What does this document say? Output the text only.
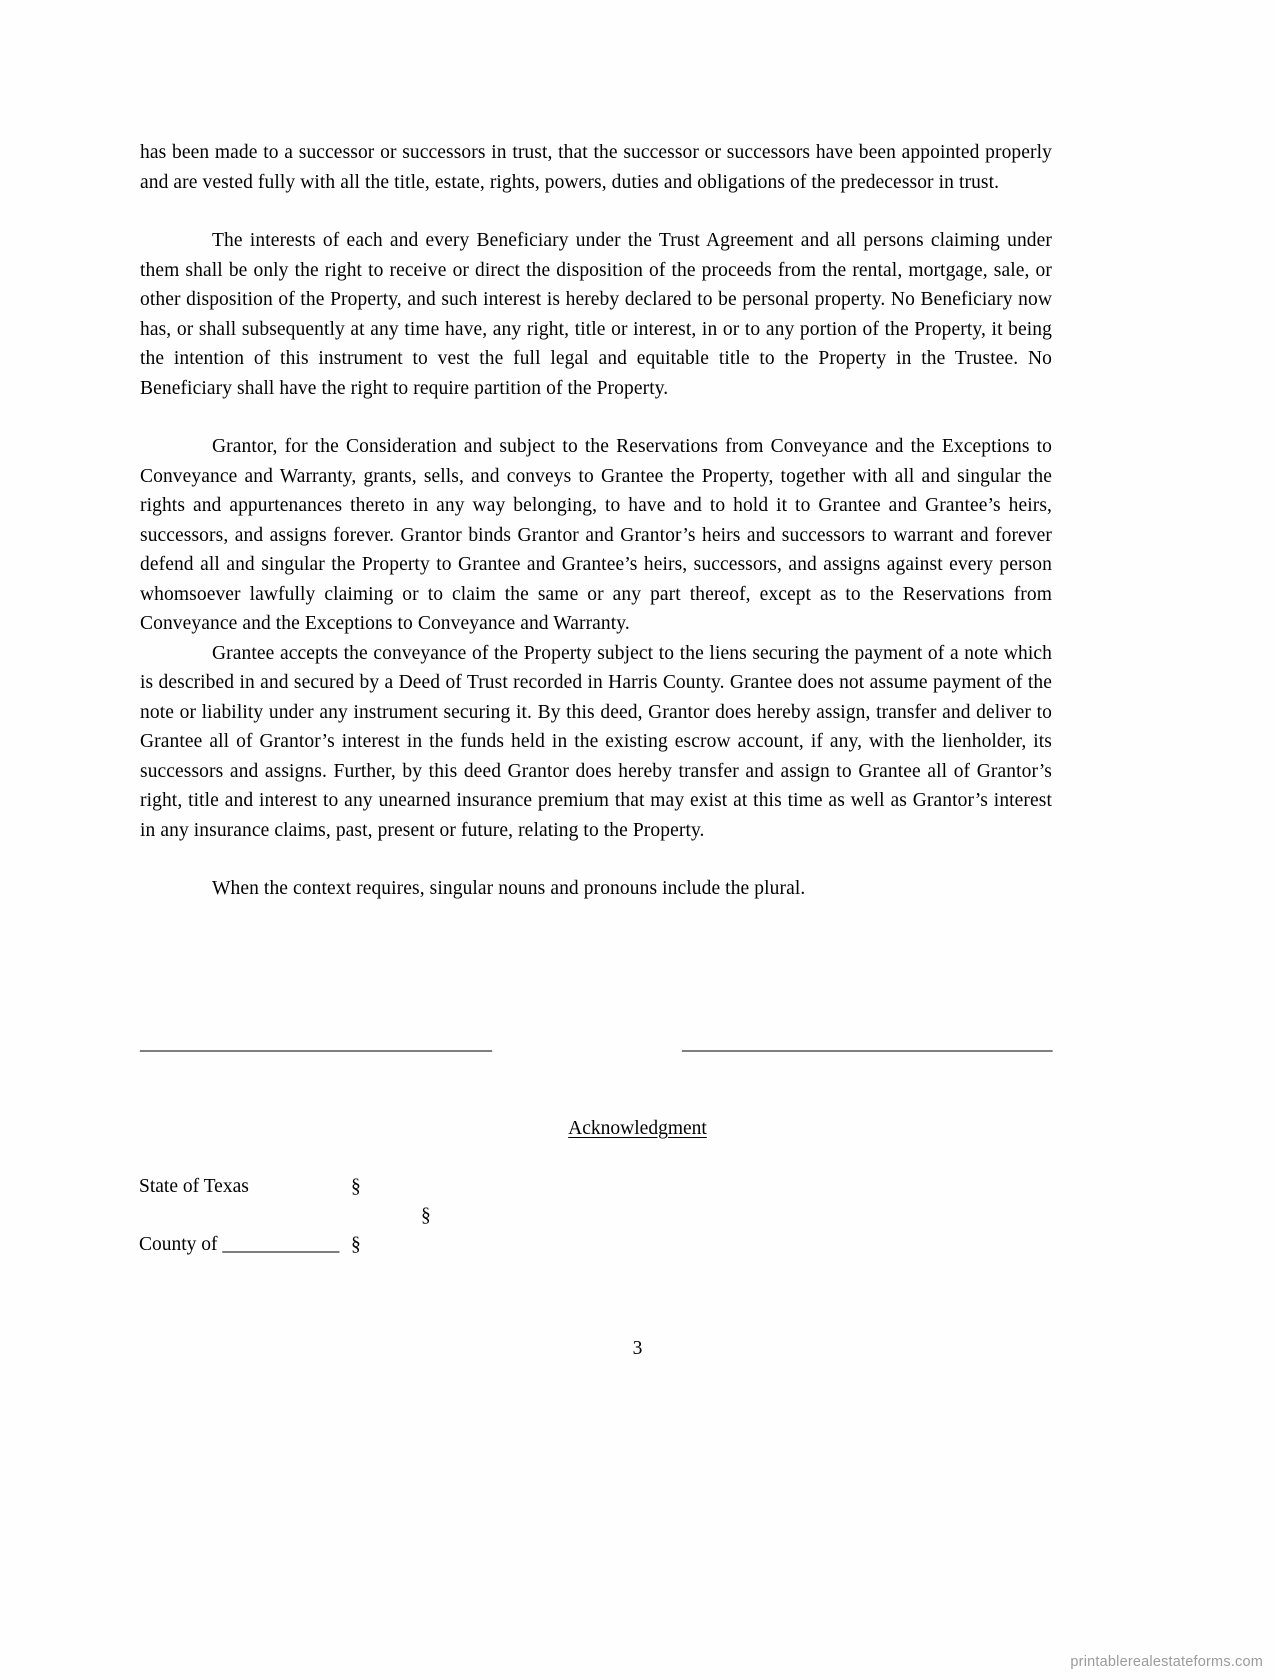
has been made to a successor or successors in trust, that the successor or successors have been appointed properly and are vested fully with all the title, estate, rights, powers, duties and obligations of the predecessor in trust.

The interests of each and every Beneficiary under the Trust Agreement and all persons claiming under them shall be only the right to receive or direct the disposition of the proceeds from the rental, mortgage, sale, or other disposition of the Property, and such interest is hereby declared to be personal property. No Beneficiary now has, or shall subsequently at any time have, any right, title or interest, in or to any portion of the Property, it being the intention of this instrument to vest the full legal and equitable title to the Property in the Trustee. No Beneficiary shall have the right to require partition of the Property.

Grantor, for the Consideration and subject to the Reservations from Conveyance and the Exceptions to Conveyance and Warranty, grants, sells, and conveys to Grantee the Property, together with all and singular the rights and appurtenances thereto in any way belonging, to have and to hold it to Grantee and Grantee’s heirs, successors, and assigns forever. Grantor binds Grantor and Grantor’s heirs and successors to warrant and forever defend all and singular the Property to Grantee and Grantee’s heirs, successors, and assigns against every person whomsoever lawfully claiming or to claim the same or any part thereof, except as to the Reservations from Conveyance and the Exceptions to Conveyance and Warranty.

Grantee accepts the conveyance of the Property subject to the liens securing the payment of a note which is described in and secured by a Deed of Trust recorded in Harris County. Grantee does not assume payment of the note or liability under any instrument securing it. By this deed, Grantor does hereby assign, transfer and deliver to Grantee all of Grantor’s interest in the funds held in the existing escrow account, if any, with the lienholder, its successors and assigns. Further, by this deed Grantor does hereby transfer and assign to Grantee all of Grantor’s right, title and interest to any unearned insurance premium that may exist at this time as well as Grantor’s interest in any insurance claims, past, present or future, relating to the Property.

When the context requires, singular nouns and pronouns include the plural.

______________________________________	________________________________________
Acknowledgment
State of Texas	§
§
County of ____________ §
3
printablerealestateforms.com
